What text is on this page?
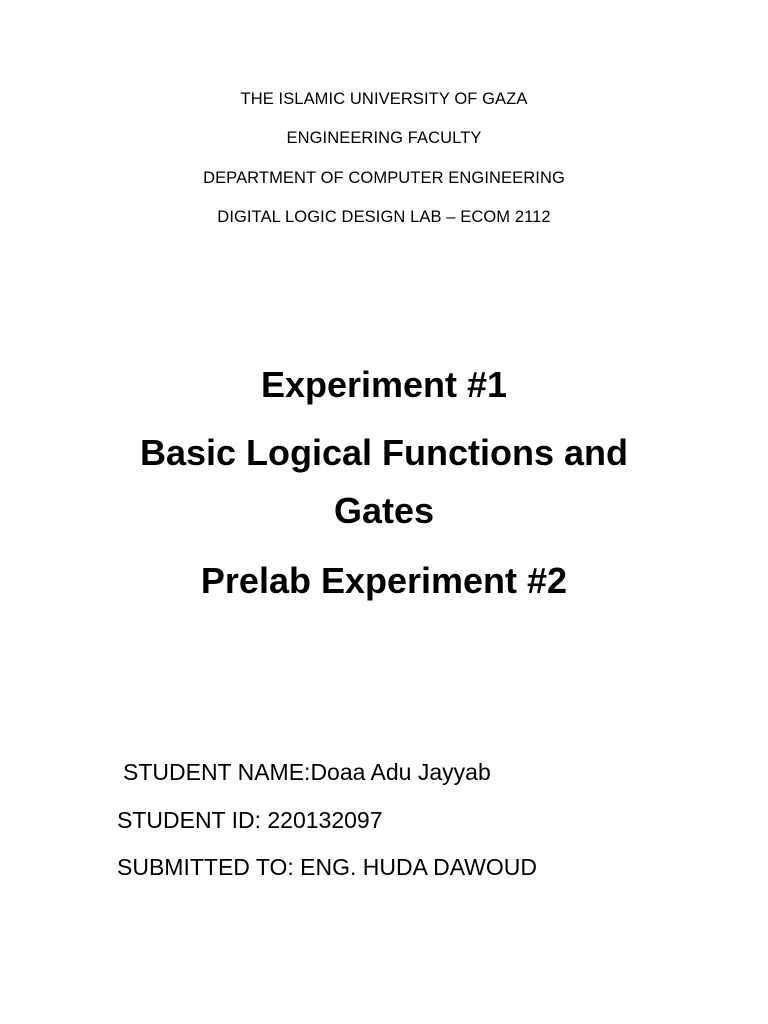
THE ISLAMIC UNIVERSITY OF GAZA
ENGINEERING FACULTY
DEPARTMENT OF COMPUTER ENGINEERING
DIGITAL LOGIC DESIGN LAB – ECOM 2112
Experiment #1
Basic Logical Functions and
Gates
Prelab Experiment #2
STUDENT NAME:Doaa Adu Jayyab
STUDENT ID: 220132097
SUBMITTED TO: ENG. HUDA DAWOUD
